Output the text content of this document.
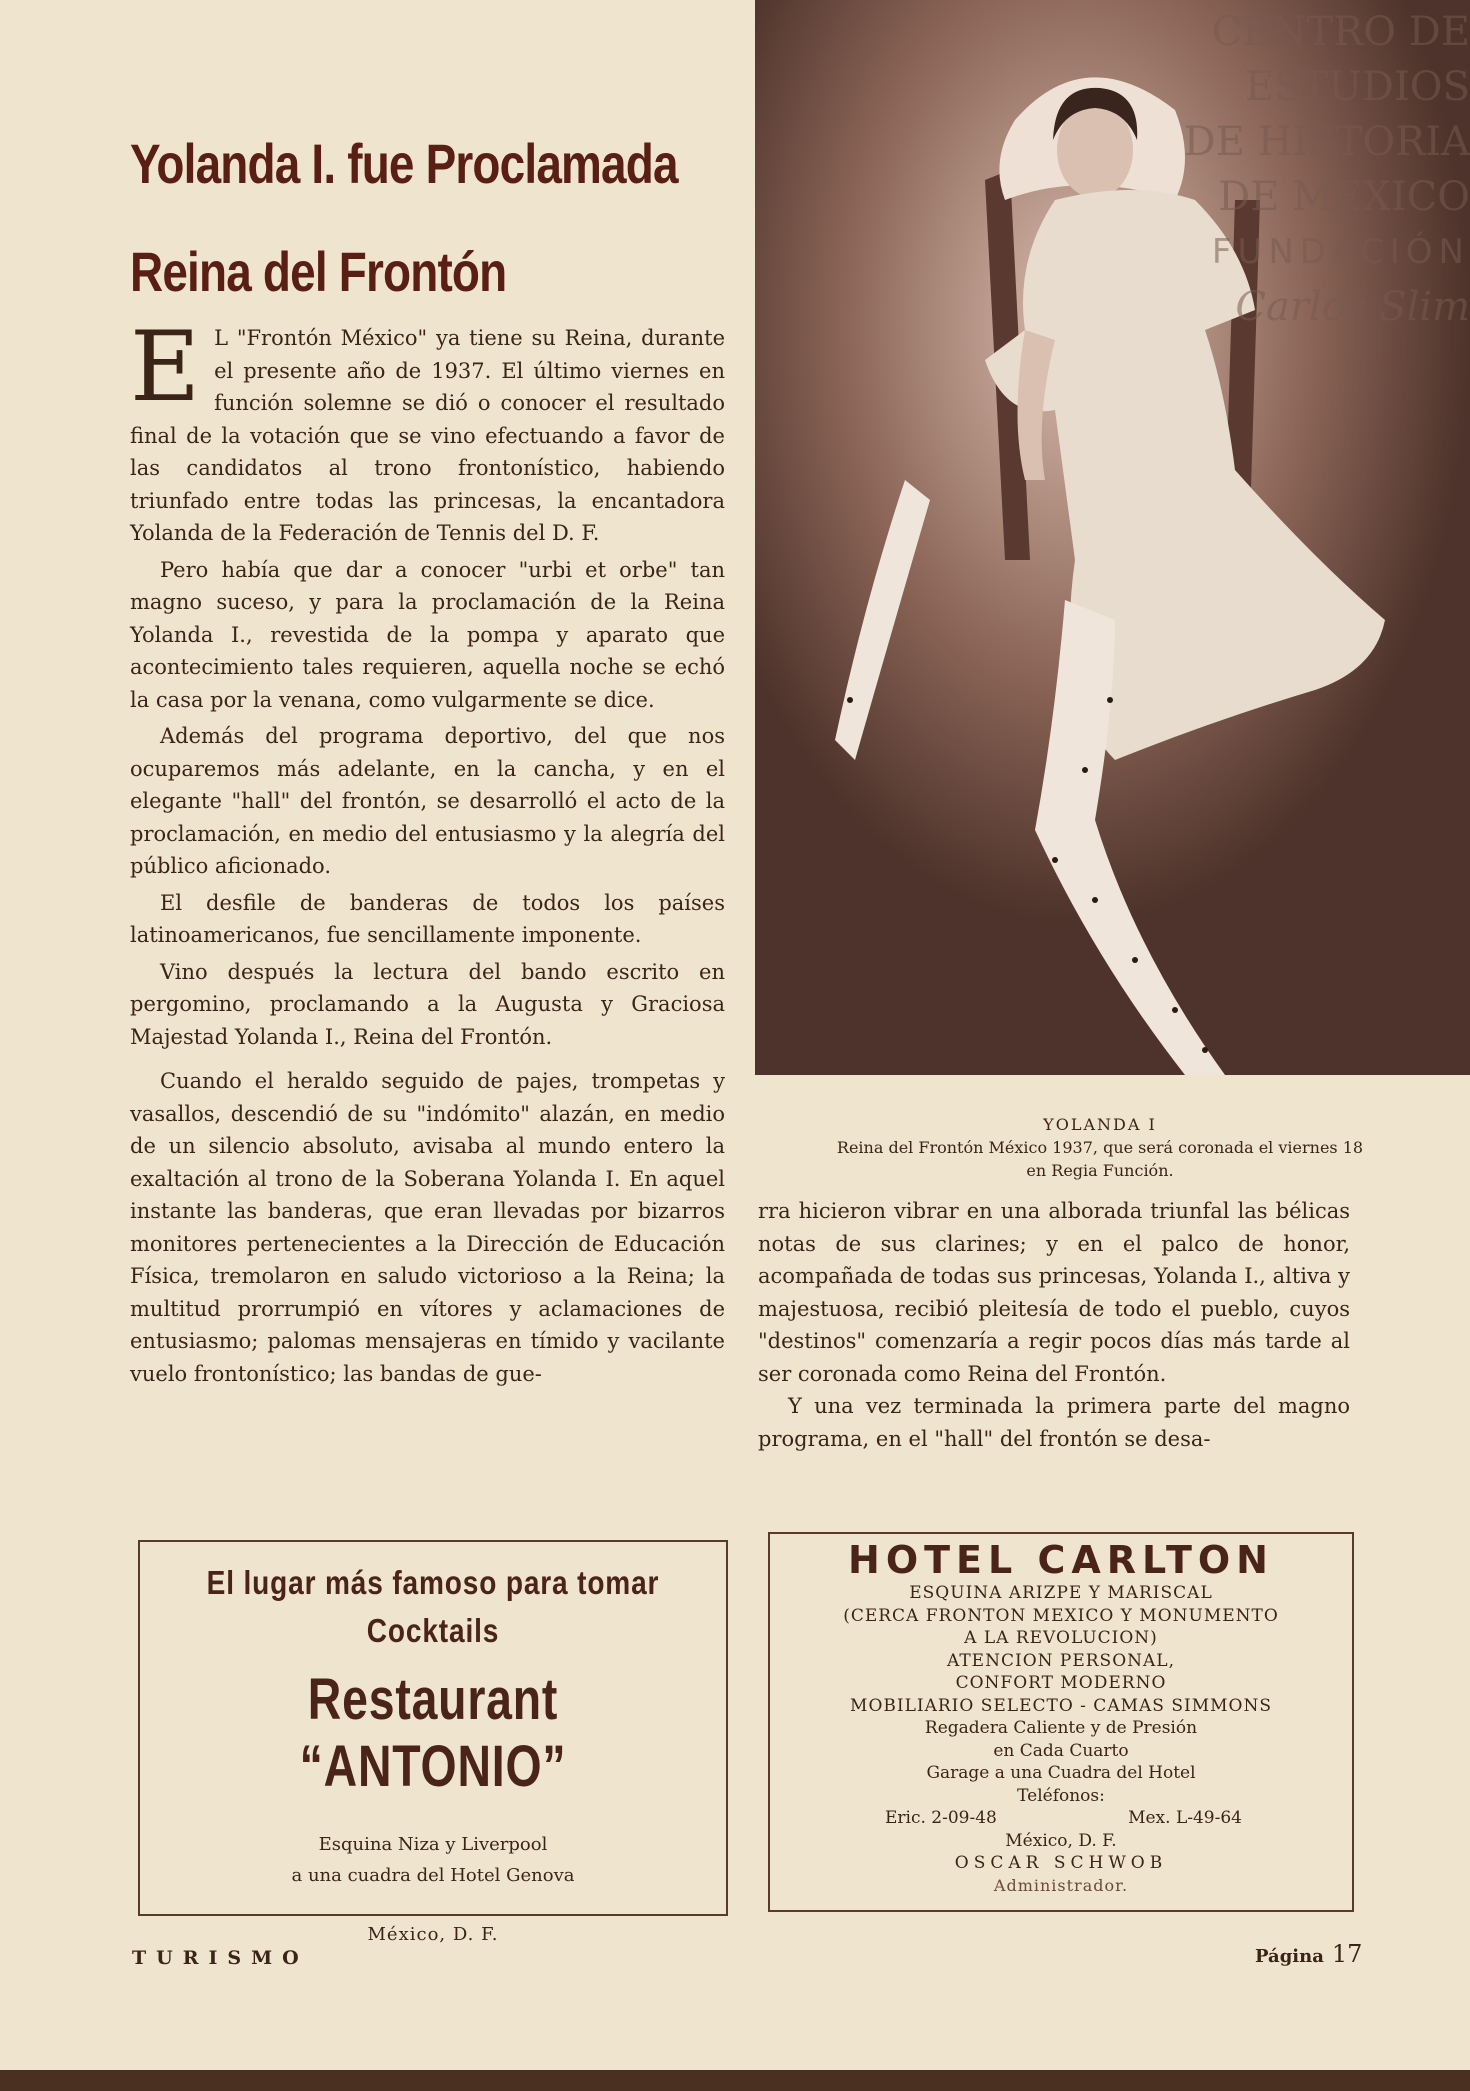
Yolanda I. fue Proclamada
Reina del Frontón

E L "Frontón México" ya tiene su Reina, durante el presente año de 1937. El último viernes en función solemne se dió o conocer el resultado final de la votación que se vino efectuando a favor de las candidatos al trono frontonístico, habiendo triunfado entre todas las princesas, la encantadora Yolanda de la Federación de Tennis del D. F.

Pero había que dar a conocer "urbi et orbe" tan magno suceso, y para la proclamación de la Reina Yolanda I., revestida de la pompa y aparato que acontecimiento tales requieren, aquella noche se echó la casa por la venana, como vulgarmente se dice.

Además del programa deportivo, del que nos ocuparemos más adelante, en la cancha, y en el elegante "hall" del frontón, se desarrolló el acto de la proclamación, en medio del entusiasmo y la alegría del público aficionado.

El desfile de banderas de todos los países latinoamericanos, fue sencillamente imponente.

Vino después la lectura del bando escrito en pergomino, proclamando a la Augusta y Graciosa Majestad Yolanda I., Reina del Frontón.

Cuando el heraldo seguido de pajes, trompetas y vasallos, descendió de su "indómito" alazán, en medio de un silencio absoluto, avisaba al mundo entero la exaltación al trono de la Soberana Yolanda I. En aquel instante las banderas, que eran llevadas por bizarros monitores pertenecientes a la Dirección de Educación Física, tremolaron en saludo victorioso a la Reina; la multitud prorrumpió en vítores y aclamaciones de entusiasmo; palomas mensajeras en tímido y vacilante vuelo frontonístico; las bandas de gue-

CENTRO DE
ESTUDIOS
DE HISTORIA
DE MEXICO
FUNDACIÓN
Carlos Slim
YOLANDA I
Reina del Frontón México 1937, que será coronada el viernes 18
en Regia Función.

rra hicieron vibrar en una alborada triunfal las bélicas notas de sus clarines; y en el palco de honor, acompañada de todas sus princesas, Yolanda I., altiva y majestuosa, recibió pleitesía de todo el pueblo, cuyos "destinos" comenzaría a regir pocos días más tarde al ser coronada como Reina del Frontón.

Y una vez terminada la primera parte del magno programa, en el "hall" del frontón se desa-

El lugar más famoso para tomar
Cocktails
Restaurant “ANTONIO”
Esquina Niza y Liverpool
a una cuadra del Hotel Genova
México, D. F.
HOTEL CARLTON
ESQUINA ARIZPE Y MARISCAL
(CERCA FRONTON MEXICO Y MONUMENTO
A LA REVOLUCION)
ATENCION PERSONAL,
CONFORT MODERNO
MOBILIARIO SELECTO - CAMAS SIMMONS
Regadera Caliente y de Presión
en Cada Cuarto
Garage a una Cuadra del Hotel
Teléfonos:
Eric. 2-09-48	Mex. L-49-64
México, D. F.
OSCAR SCHWOB
Administrador.
TURISMO	Página 17
